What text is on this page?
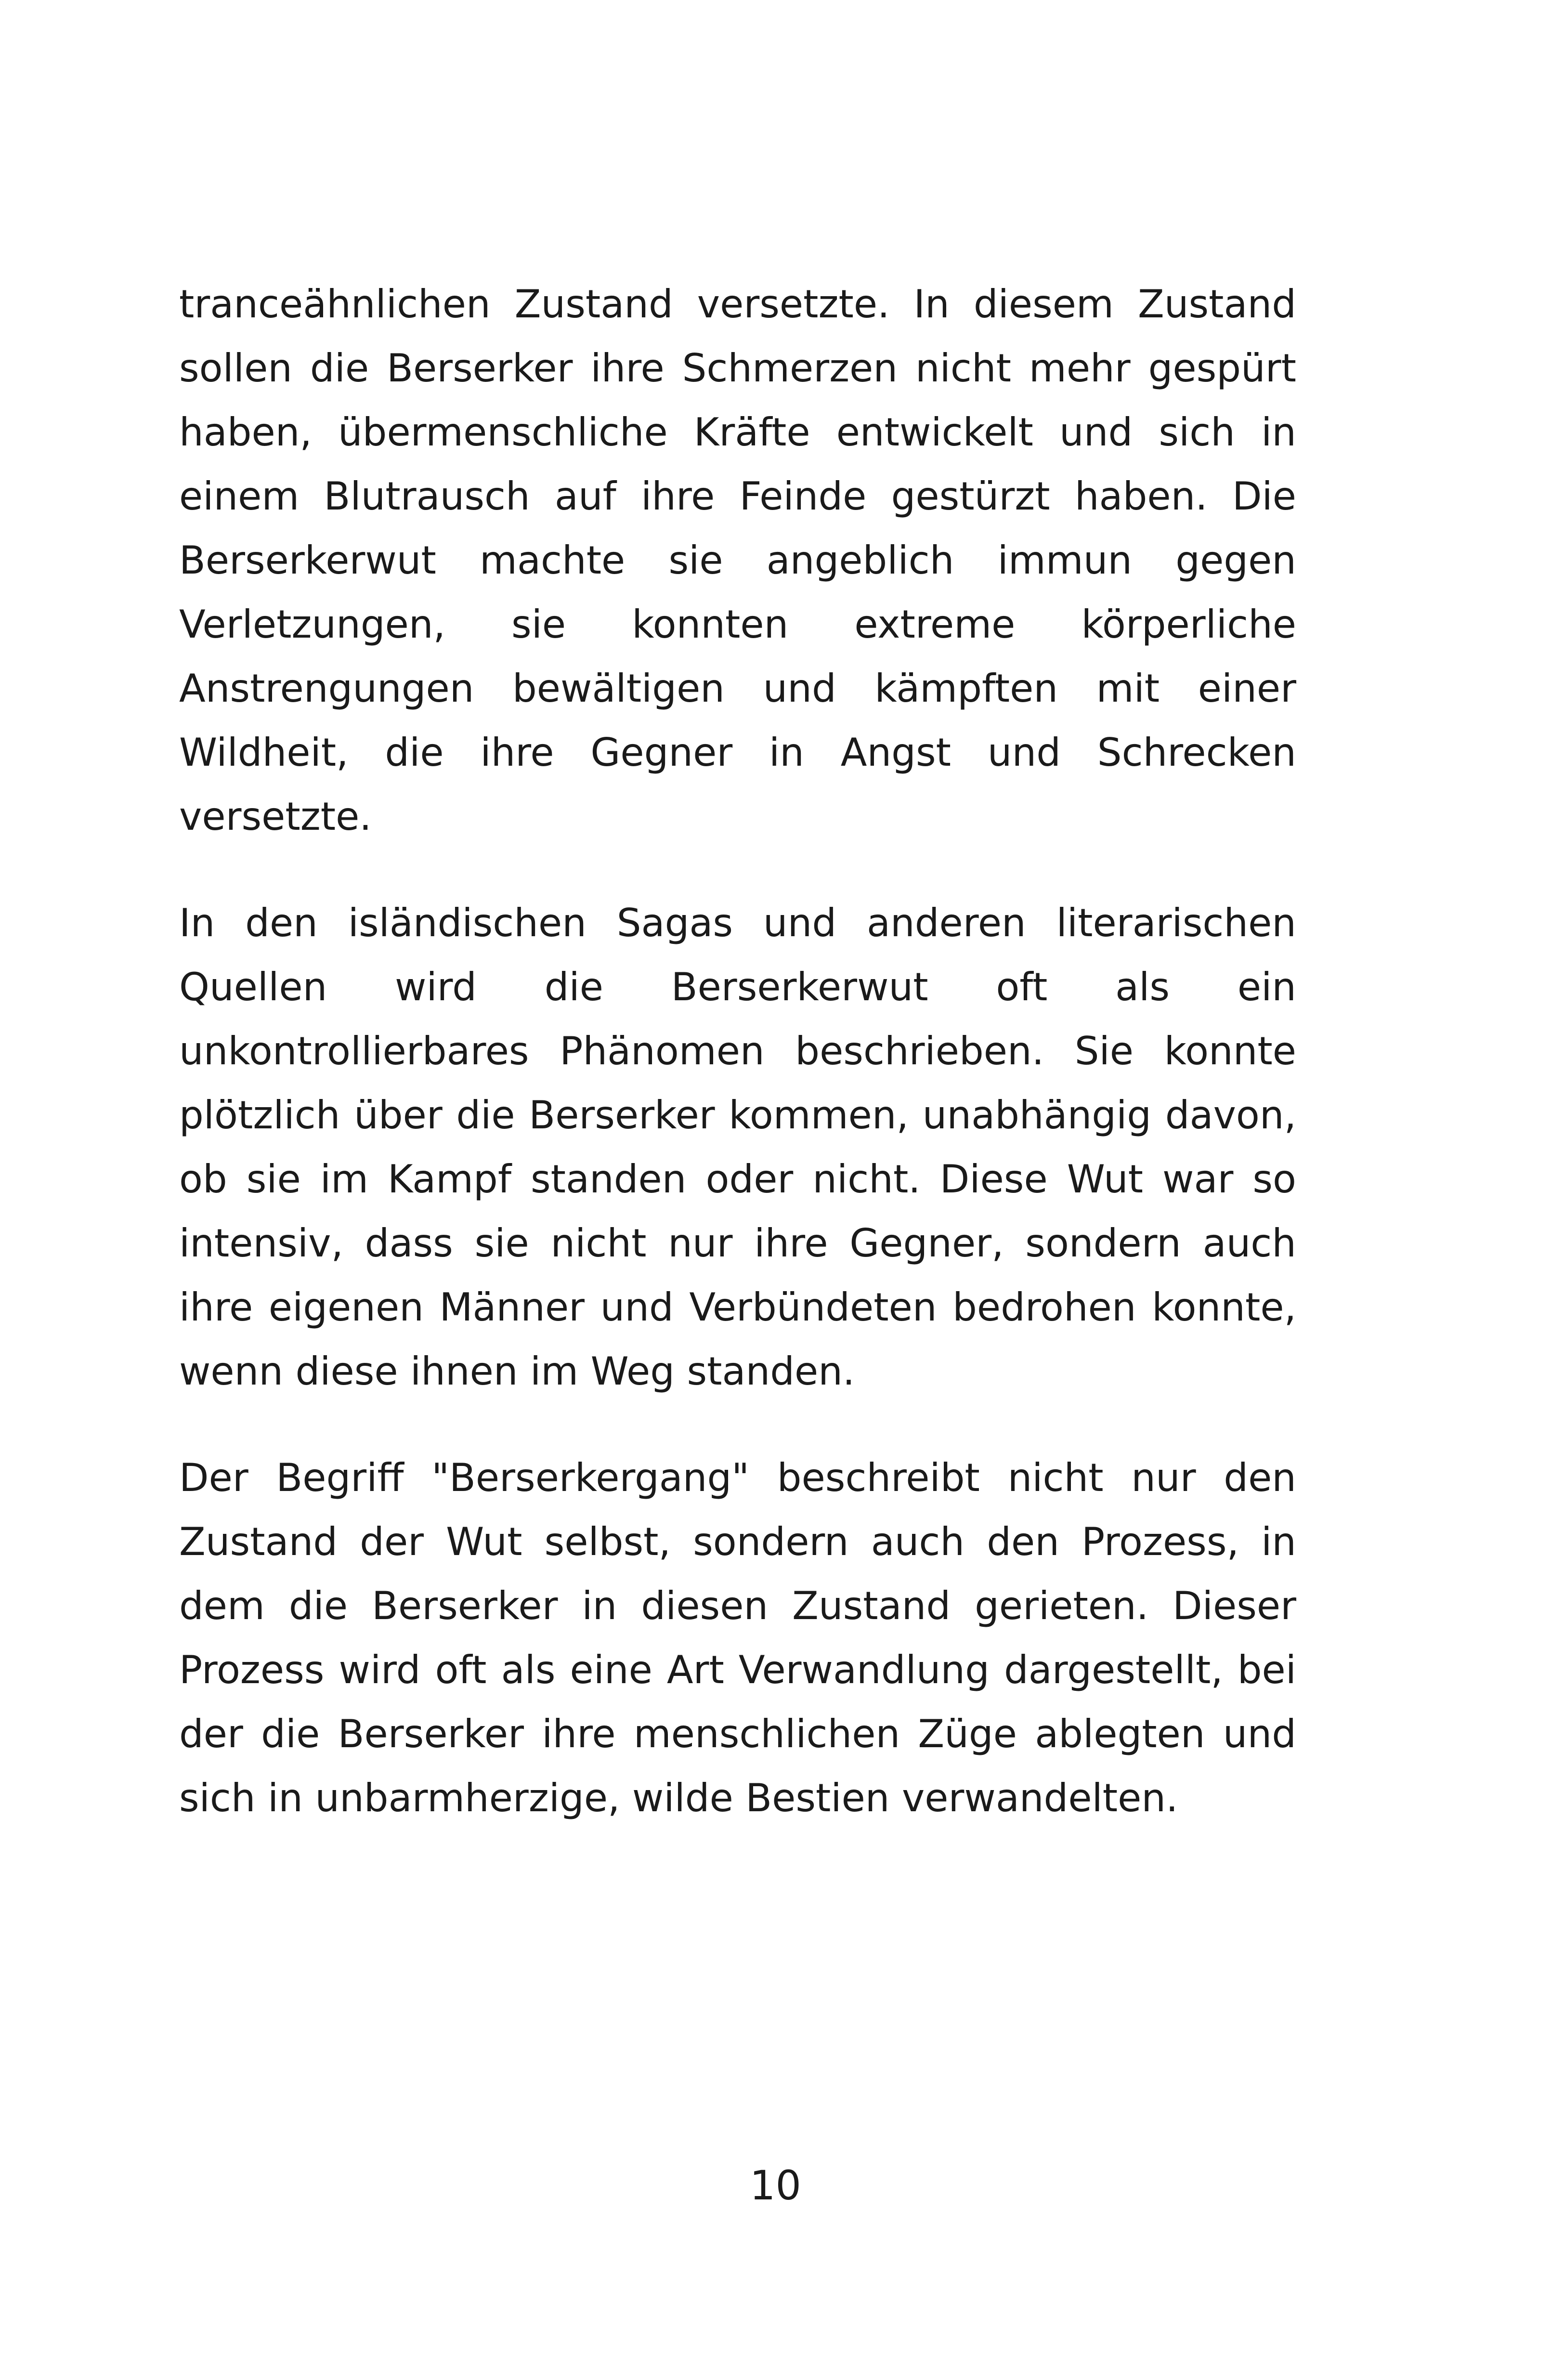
tranceähnlichen Zustand versetzte. In diesem Zustand sollen die Berserker ihre Schmerzen nicht mehr gespürt haben, übermenschliche Kräfte entwickelt und sich in einem Blutrausch auf ihre Feinde gestürzt haben. Die Berserkerwut machte sie angeblich immun gegen Verletzungen, sie konnten extreme körperliche Anstrengungen bewältigen und kämpften mit einer Wildheit, die ihre Gegner in Angst und Schrecken versetzte.

In den isländischen Sagas und anderen literarischen Quellen wird die Berserkerwut oft als ein unkontrollierbares Phänomen beschrieben. Sie konnte plötzlich über die Berserker kommen, unabhängig davon, ob sie im Kampf standen oder nicht. Diese Wut war so intensiv, dass sie nicht nur ihre Gegner, sondern auch ihre eigenen Männer und Verbündeten bedrohen konnte, wenn diese ihnen im Weg standen.

Der Begriff "Berserkergang" beschreibt nicht nur den Zustand der Wut selbst, sondern auch den Prozess, in dem die Berserker in diesen Zustand gerieten. Dieser Prozess wird oft als eine Art Verwandlung dargestellt, bei der die Berserker ihre menschlichen Züge ablegten und sich in unbarmherzige, wilde Bestien verwandelten.

10
